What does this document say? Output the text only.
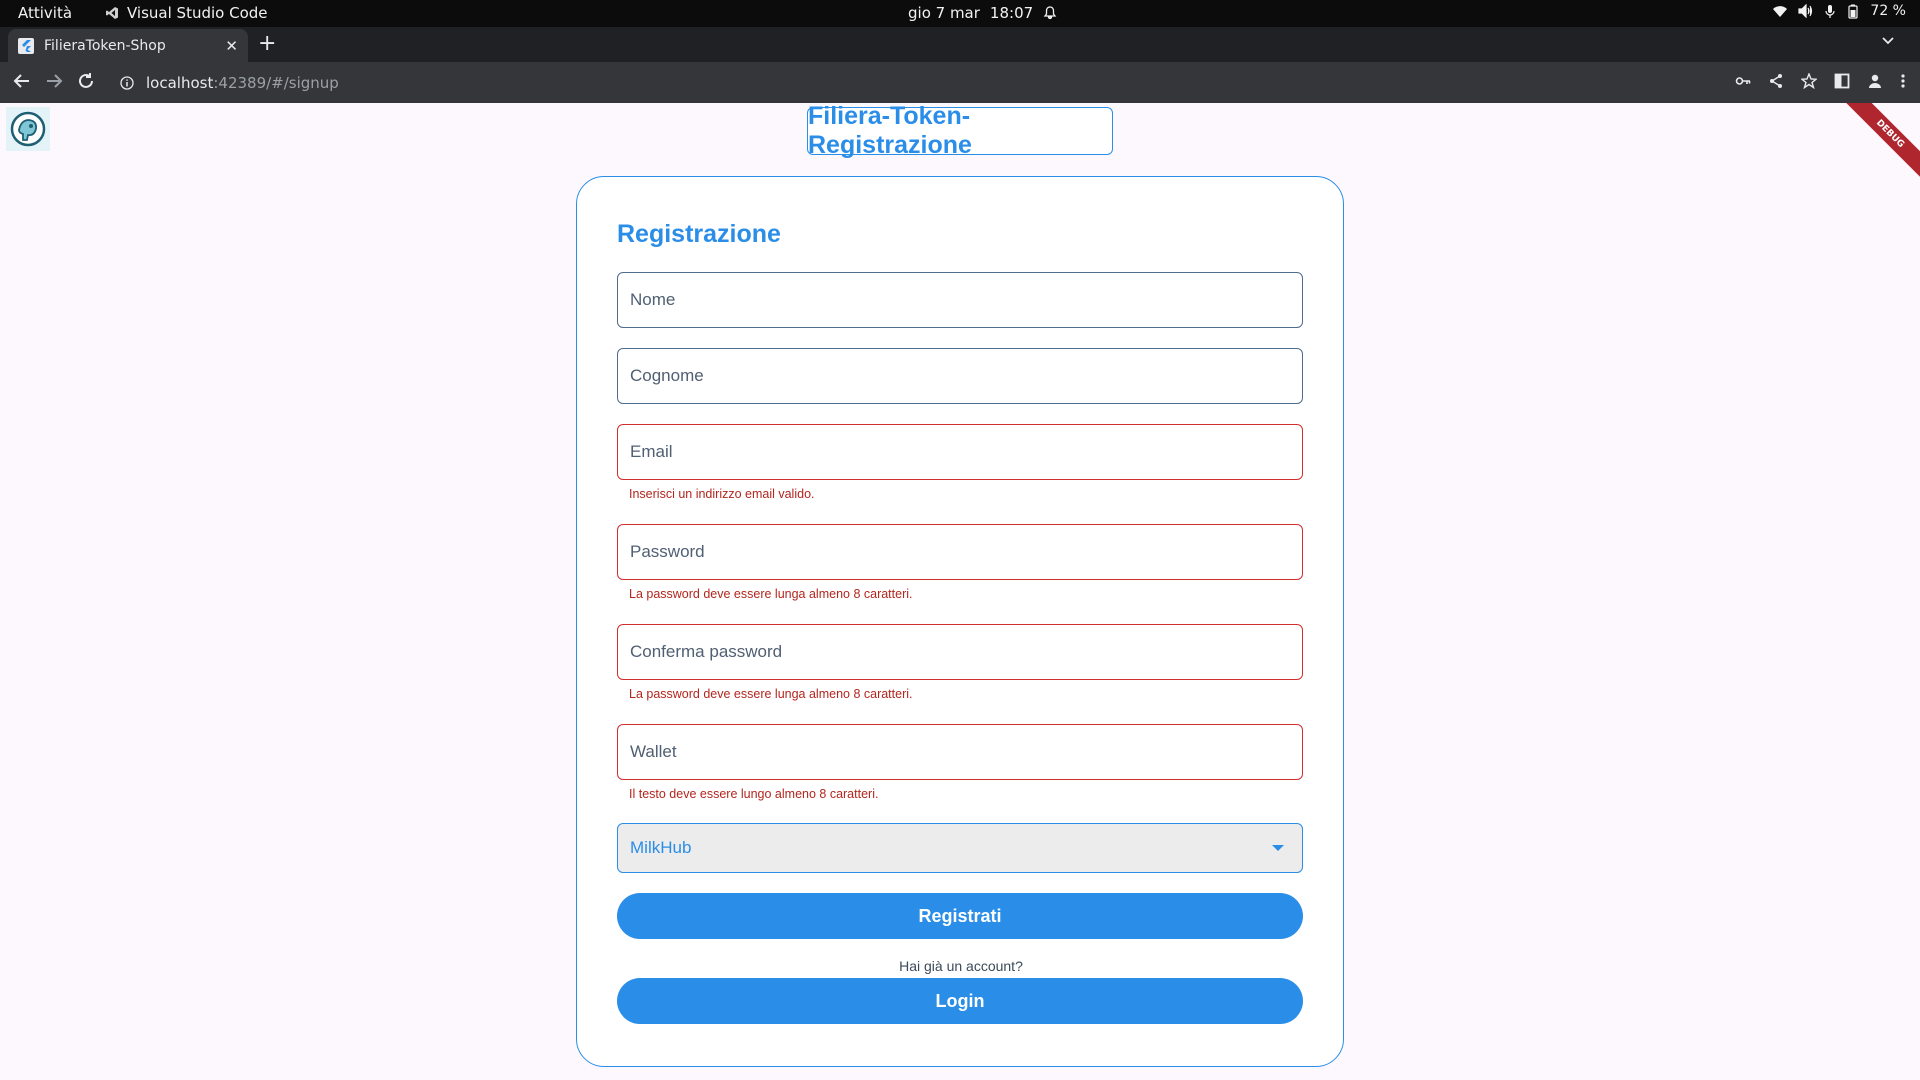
Attività	Visual Studio Code	gio 7 mar 18:07	72 %
FilieraToken-Shop	✕ +
localhost:42389/#/signup
DEBUG
Filiera-Token-Registrazione
Registrazione
Nome
Cognome
Email
Inserisci un indirizzo email valido.
Password
La password deve essere lunga almeno 8 caratteri.
Conferma password
La password deve essere lunga almeno 8 caratteri.
Wallet
Il testo deve essere lungo almeno 8 caratteri.
MilkHub
Registrati
Hai già un account?
Login
